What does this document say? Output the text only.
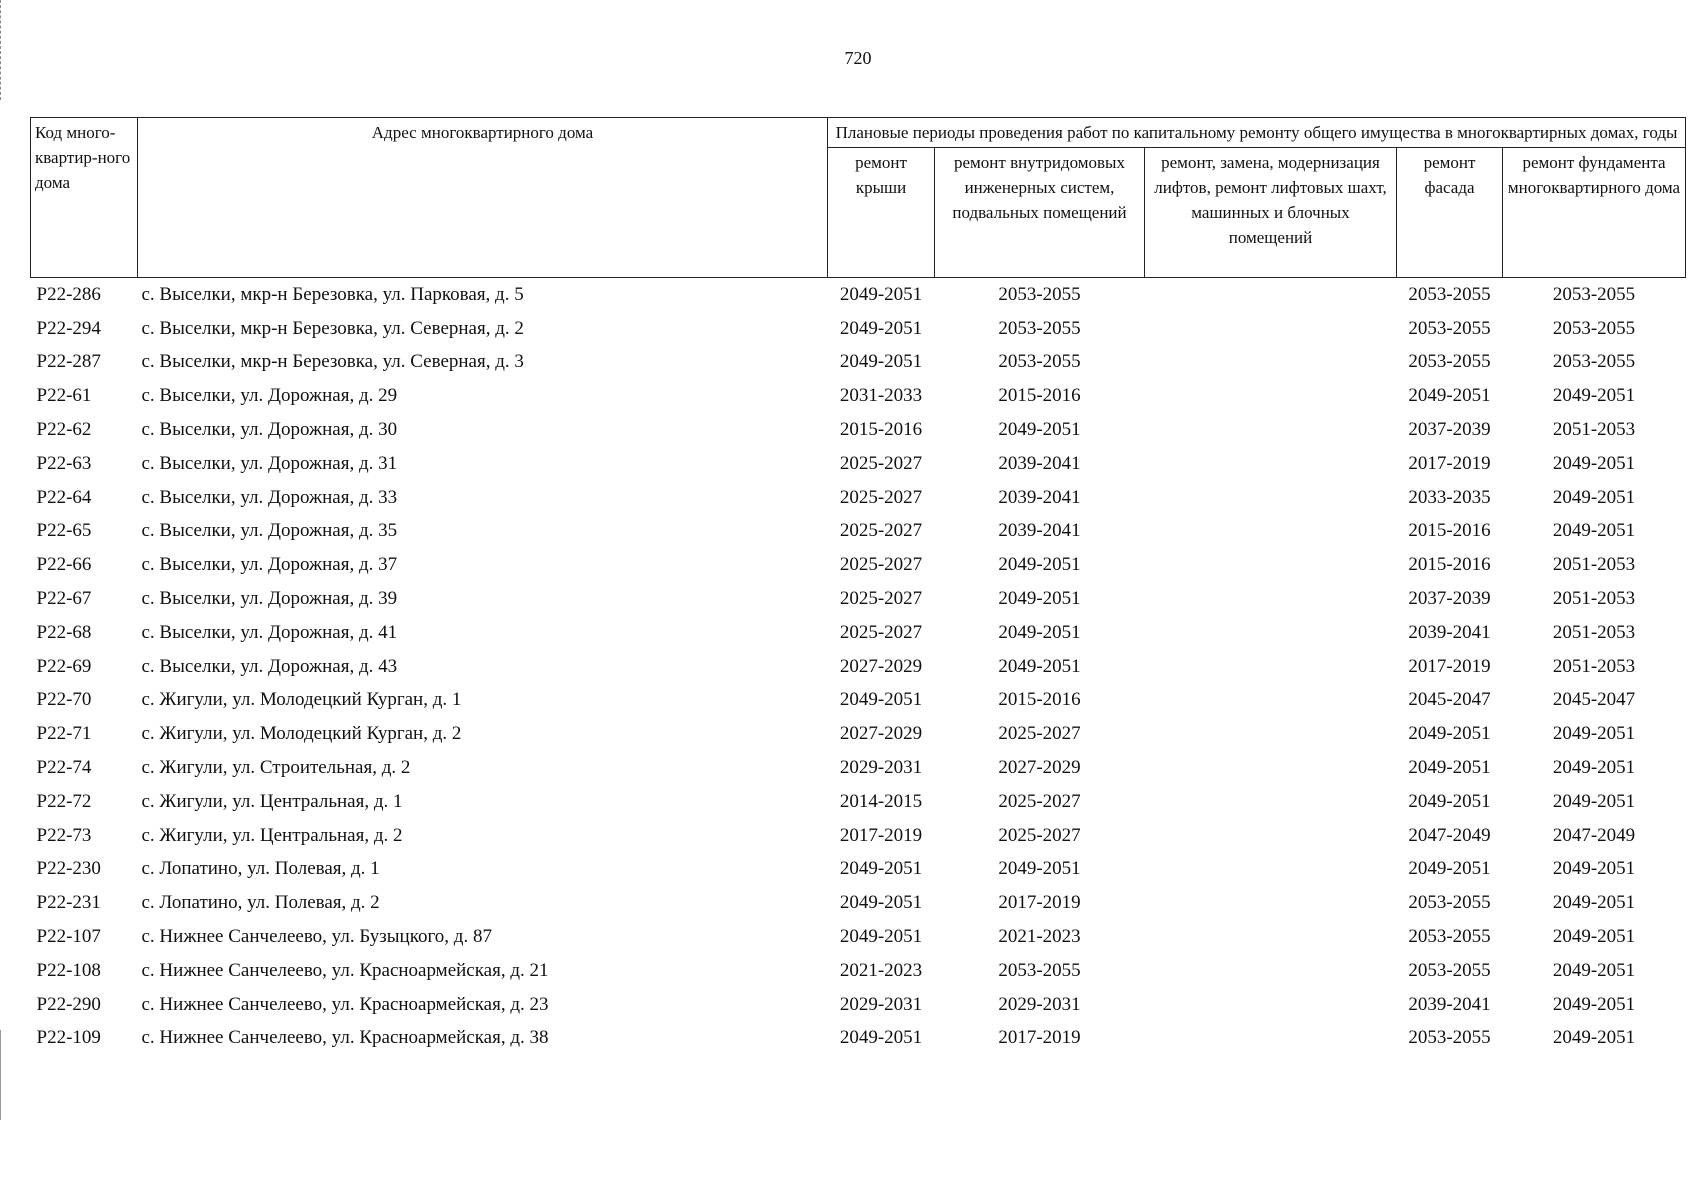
720
Код много-квартир-ного дома	Адрес многоквартирного дома	Плановые периоды проведения работ по капитальному ремонту общего имущества в многоквартирных домах, годы				
		ремонт крыши	ремонт внутридомовых инженерных систем, подвальных помещений	ремонт, замена, модернизация лифтов, ремонт лифтовых шахт, машинных и блочных помещений	ремонт фасада	ремонт фундамента многоквартирного дома
P22-286	с. Выселки, мкр-н Березовка, ул. Парковая, д. 5	2049-2051	2053-2055		2053-2055	2053-2055
P22-294	с. Выселки, мкр-н Березовка, ул. Северная, д. 2	2049-2051	2053-2055		2053-2055	2053-2055
P22-287	с. Выселки, мкр-н Березовка, ул. Северная, д. 3	2049-2051	2053-2055		2053-2055	2053-2055
P22-61	с. Выселки, ул. Дорожная, д. 29	2031-2033	2015-2016		2049-2051	2049-2051
P22-62	с. Выселки, ул. Дорожная, д. 30	2015-2016	2049-2051		2037-2039	2051-2053
P22-63	с. Выселки, ул. Дорожная, д. 31	2025-2027	2039-2041		2017-2019	2049-2051
P22-64	с. Выселки, ул. Дорожная, д. 33	2025-2027	2039-2041		2033-2035	2049-2051
P22-65	с. Выселки, ул. Дорожная, д. 35	2025-2027	2039-2041		2015-2016	2049-2051
P22-66	с. Выселки, ул. Дорожная, д. 37	2025-2027	2049-2051		2015-2016	2051-2053
P22-67	с. Выселки, ул. Дорожная, д. 39	2025-2027	2049-2051		2037-2039	2051-2053
P22-68	с. Выселки, ул. Дорожная, д. 41	2025-2027	2049-2051		2039-2041	2051-2053
P22-69	с. Выселки, ул. Дорожная, д. 43	2027-2029	2049-2051		2017-2019	2051-2053
P22-70	с. Жигули, ул. Молодецкий Курган, д. 1	2049-2051	2015-2016		2045-2047	2045-2047
P22-71	с. Жигули, ул. Молодецкий Курган, д. 2	2027-2029	2025-2027		2049-2051	2049-2051
P22-74	с. Жигули, ул. Строительная, д. 2	2029-2031	2027-2029		2049-2051	2049-2051
P22-72	с. Жигули, ул. Центральная, д. 1	2014-2015	2025-2027		2049-2051	2049-2051
P22-73	с. Жигули, ул. Центральная, д. 2	2017-2019	2025-2027		2047-2049	2047-2049
P22-230	с. Лопатино, ул. Полевая, д. 1	2049-2051	2049-2051		2049-2051	2049-2051
P22-231	с. Лопатино, ул. Полевая, д. 2	2049-2051	2017-2019		2053-2055	2049-2051
P22-107	с. Нижнее Санчелеево, ул. Бузыцкого, д. 87	2049-2051	2021-2023		2053-2055	2049-2051
P22-108	с. Нижнее Санчелеево, ул. Красноармейская, д. 21	2021-2023	2053-2055		2053-2055	2049-2051
P22-290	с. Нижнее Санчелеево, ул. Красноармейская, д. 23	2029-2031	2029-2031		2039-2041	2049-2051
P22-109	с. Нижнее Санчелеево, ул. Красноармейская, д. 38	2049-2051	2017-2019		2053-2055	2049-2051
